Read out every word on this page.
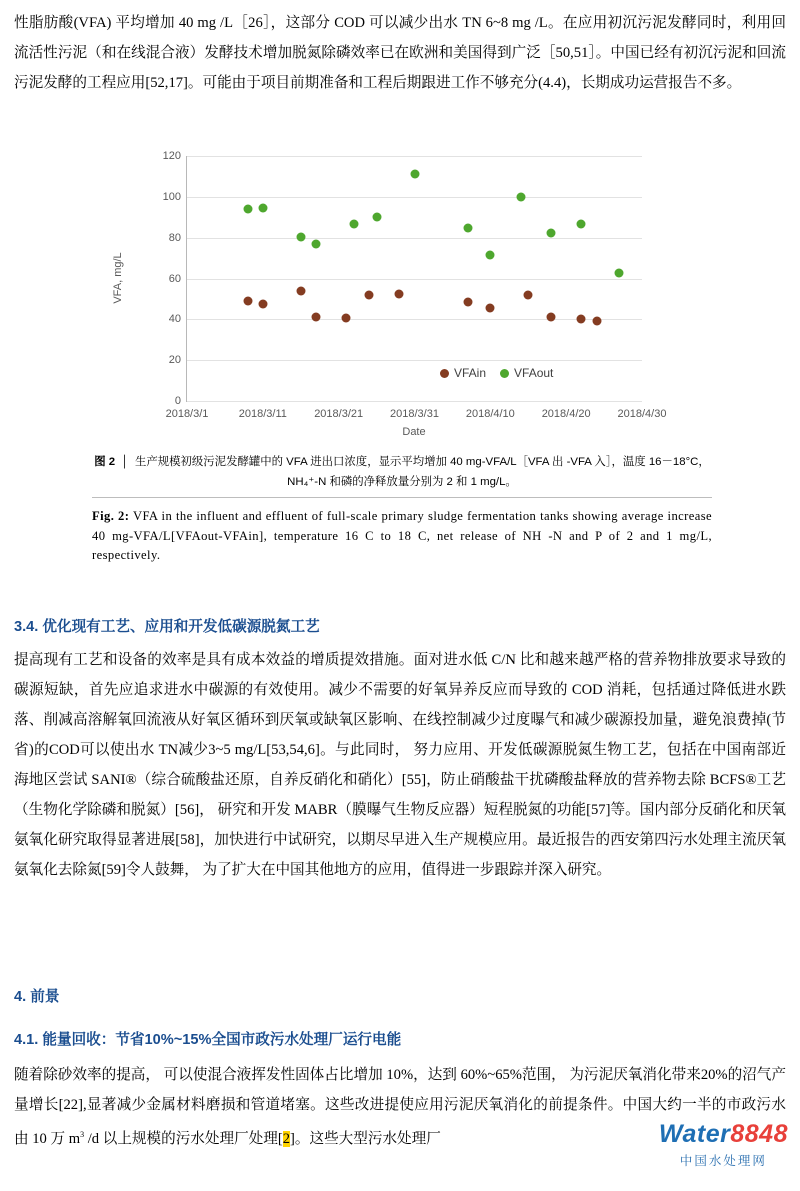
性脂肪酸(VFA) 平均增加 40 mg /L［26］，这部分 COD 可以减少出水 TN 6~8 mg /L。在应用初沉污泥发酵同时，利用回流活性污泥（和在线混合液）发酵技术增加脱氮除磷效率已在欧洲和美国得到广泛［50,51］。中国已经有初沉污泥和回流污泥发酵的工程应用[52,17]。可能由于项目前期准备和工程后期跟进工作不够充分(4.4)，长期成功运营报告不多。
VFA, mg/L
0
20
40
60
80
100
120
2018/3/1	2018/3/11 2018/3/21 2018/3/31 2018/4/10 2018/4/20 2018/4/30
Date
VFAin VFAout
图 2  │  生产规模初级污泥发酵罐中的 VFA 进出口浓度，显示平均增加 40 mg-VFA/L［VFA 出 -VFA 入］，温度 16－18°C，NH₄⁺-N 和磷的净释放量分别为 2 和 1 mg/L。
Fig. 2: VFA in the influent and effluent of full-scale primary sludge fermentation tanks showing average increase 40 mg-VFA/L[VFAout-VFAin], temperature 16 C to 18 C, net release of NH -N and P of 2 and 1 mg/L, respectively.
3.4. 优化现有工艺、应用和开发低碳源脱氮工艺
提高现有工艺和设备的效率是具有成本效益的增质提效措施。面对进水低 C/N 比和越来越严格的营养物排放要求导致的碳源短缺，首先应追求进水中碳源的有效使用。减少不需要的好氧异养反应而导致的 COD 消耗，包括通过降低进水跌落、削减高溶解氧回流液从好氧区循环到厌氧或缺氧区影响、在线控制减少过度曝气和减少碳源投加量，避免浪费掉(节省)的COD可以使出水 TN减少3~5 mg/L[53,54,6]。与此同时， 努力应用、开发低碳源脱氮生物工艺，包括在中国南部近海地区尝试 SANI®（综合硫酸盐还原，自养反硝化和硝化）[55]，防止硝酸盐干扰磷酸盐释放的营养物去除 BCFS®工艺（生物化学除磷和脱氮）[56]， 研究和开发 MABR（膜曝气生物反应器）短程脱氮的功能[57]等。国内部分反硝化和厌氧氨氧化研究取得显著进展[58]，加快进行中试研究，以期尽早进入生产规模应用。最近报告的西安第四污水处理主流厌氧氨氧化去除氮[59]令人鼓舞， 为了扩大在中国其他地方的应用，值得进一步跟踪并深入研究。
4. 前景
4.1. 能量回收：节省10%~15%全国市政污水处理厂运行电能
随着除砂效率的提高， 可以使混合液挥发性固体占比增加 10%，达到 60%~65%范围， 为污泥厌氧消化带来20%的沼气产量增长[22],显著减少金属材料磨损和管道堵塞。这些改进提使应用污泥厌氧消化的前提条件。中国大约一半的市政污水由 10 万 $m^3$ /d 以上规模的污水处理厂处理[2]。这些大型污水处理厂	Water8848
中国水处理网
